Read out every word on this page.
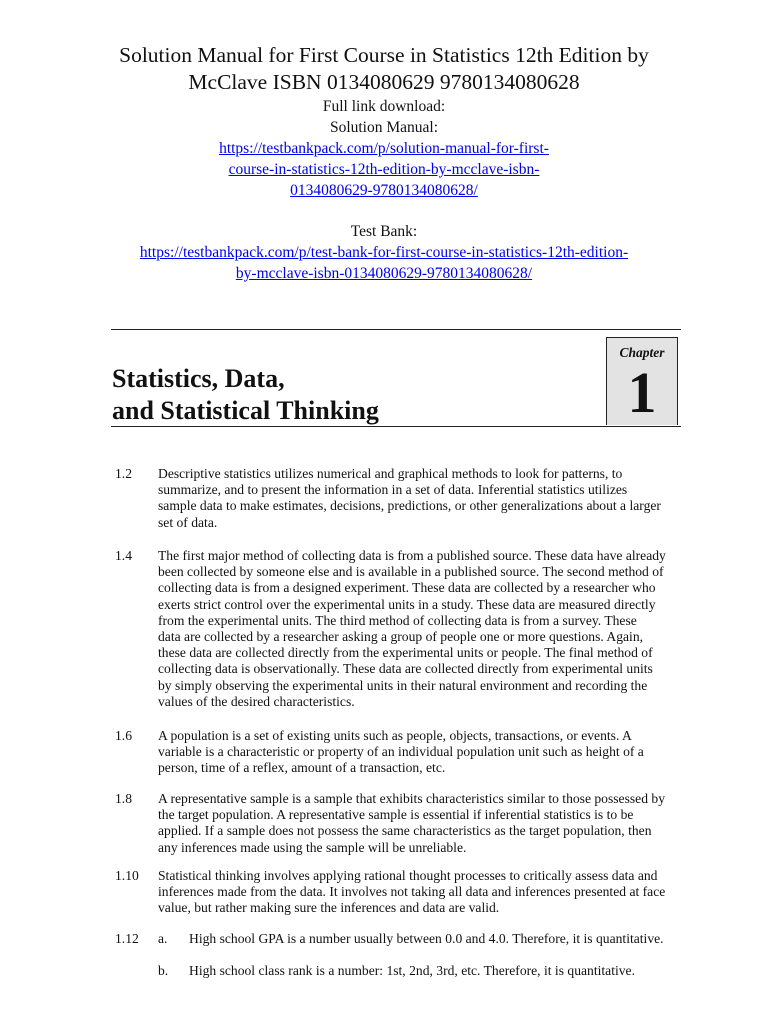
Solution Manual for First Course in Statistics 12th Edition by
McClave ISBN 0134080629 9780134080628
Full link download:
Solution Manual:
https://testbankpack.com/p/solution-manual-for-first-
course-in-statistics-12th-edition-by-mcclave-isbn-
0134080629-9780134080628/
Test Bank:
https://testbankpack.com/p/test-bank-for-first-course-in-statistics-12th-edition-
by-mcclave-isbn-0134080629-9780134080628/
Statistics, Data,
and Statistical Thinking
Chapter
1
1.2 Descriptive statistics utilizes numerical and graphical methods to look for patterns, to
summarize, and to present the information in a set of data. Inferential statistics utilizes
sample data to make estimates, decisions, predictions, or other generalizations about a larger
set of data.
1.4 The first major method of collecting data is from a published source. These data have already
been collected by someone else and is available in a published source. The second method of
collecting data is from a designed experiment. These data are collected by a researcher who
exerts strict control over the experimental units in a study. These data are measured directly
from the experimental units. The third method of collecting data is from a survey. These
data are collected by a researcher asking a group of people one or more questions. Again,
these data are collected directly from the experimental units or people. The final method of
collecting data is observationally. These data are collected directly from experimental units
by simply observing the experimental units in their natural environment and recording the
values of the desired characteristics.
1.6 A population is a set of existing units such as people, objects, transactions, or events. A
variable is a characteristic or property of an individual population unit such as height of a
person, time of a reflex, amount of a transaction, etc.
1.8 A representative sample is a sample that exhibits characteristics similar to those possessed by
the target population. A representative sample is essential if inferential statistics is to be
applied. If a sample does not possess the same characteristics as the target population, then
any inferences made using the sample will be unreliable.
1.10 Statistical thinking involves applying rational thought processes to critically assess data and
inferences made from the data. It involves not taking all data and inferences presented at face
value, but rather making sure the inferences and data are valid.
1.12 a. High school GPA is a number usually between 0.0 and 4.0. Therefore, it is quantitative.
b. High school class rank is a number: 1st, 2nd, 3rd, etc. Therefore, it is quantitative.
